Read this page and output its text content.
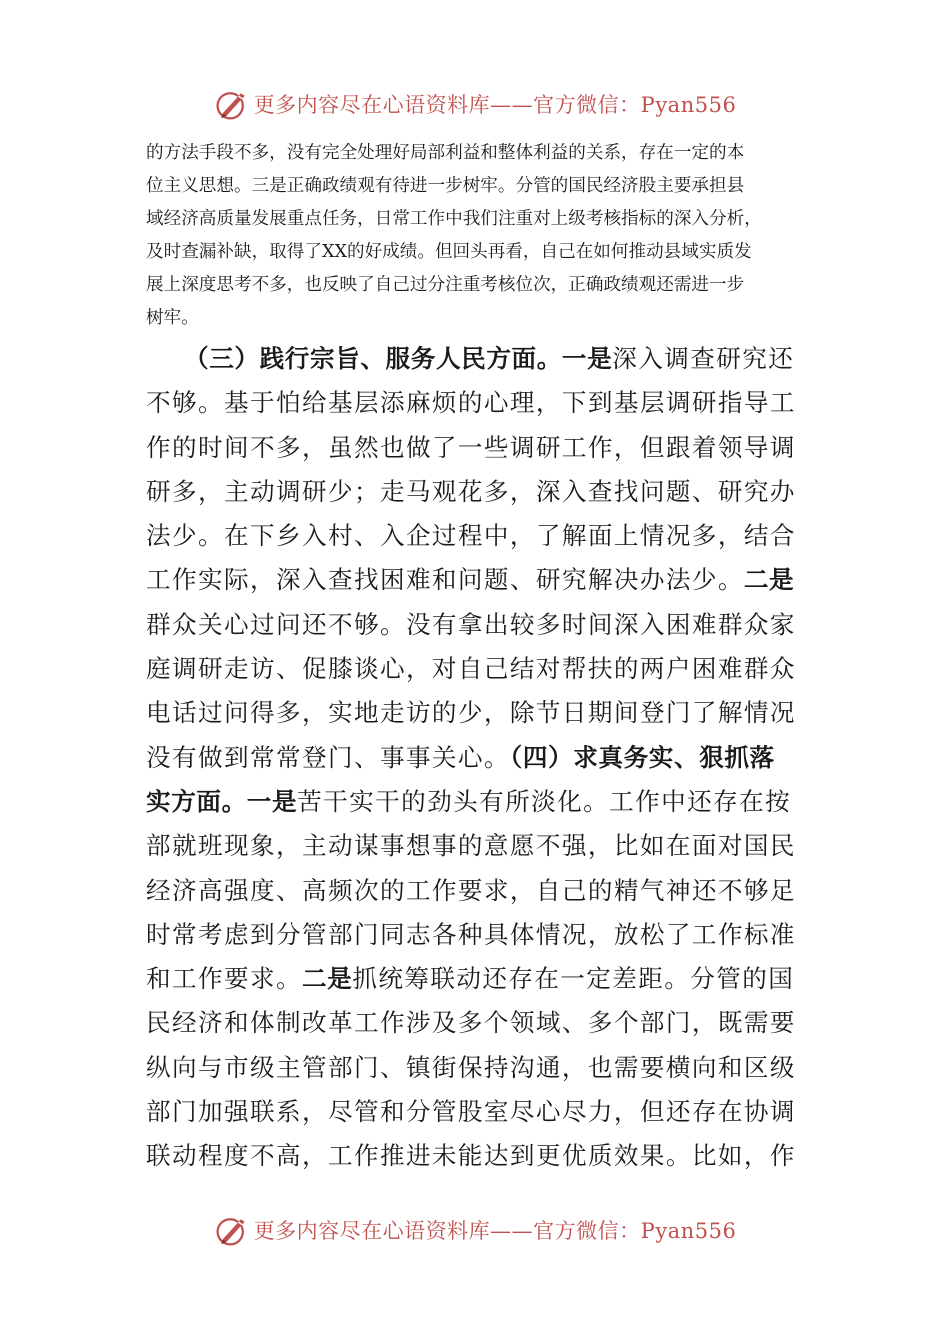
更多内容尽在心语资料库——官方微信：Pyan556
的方法手段不多，没有完全处理好局部利益和整体利益的关系，存在一定的本
位主义思想。三是正确政绩观有待进一步树牢。分管的国民经济股主要承担县
域经济高质量发展重点任务，日常工作中我们注重对上级考核指标的深入分析，
及时查漏补缺，取得了XX的好成绩。但回头再看，自己在如何推动县域实质发
展上深度思考不多，也反映了自己过分注重考核位次，正确政绩观还需进一步
树牢。
（三）践行宗旨、服务人民方面。一是深入调查研究还
不够。基于怕给基层添麻烦的心理，下到基层调研指导工
作的时间不多，虽然也做了一些调研工作，但跟着领导调
研多，主动调研少；走马观花多，深入查找问题、研究办
法少。在下乡入村、入企过程中，了解面上情况多，结合
工作实际，深入查找困难和问题、研究解决办法少。二是
群众关心过问还不够。没有拿出较多时间深入困难群众家
庭调研走访、促膝谈心，对自己结对帮扶的两户困难群众
电话过问得多，实地走访的少，除节日期间登门了解情况
没有做到常常登门、事事关心。（四）求真务实、狠抓落
实方面。一是苦干实干的劲头有所淡化。工作中还存在按
部就班现象，主动谋事想事的意愿不强，比如在面对国民
经济高强度、高频次的工作要求，自己的精气神还不够足
时常考虑到分管部门同志各种具体情况，放松了工作标准
和工作要求。二是抓统筹联动还存在一定差距。分管的国
民经济和体制改革工作涉及多个领域、多个部门，既需要
纵向与市级主管部门、镇街保持沟通，也需要横向和区级
部门加强联系，尽管和分管股室尽心尽力，但还存在协调
联动程度不高，工作推进未能达到更优质效果。比如，作
更多内容尽在心语资料库——官方微信：Pyan556
